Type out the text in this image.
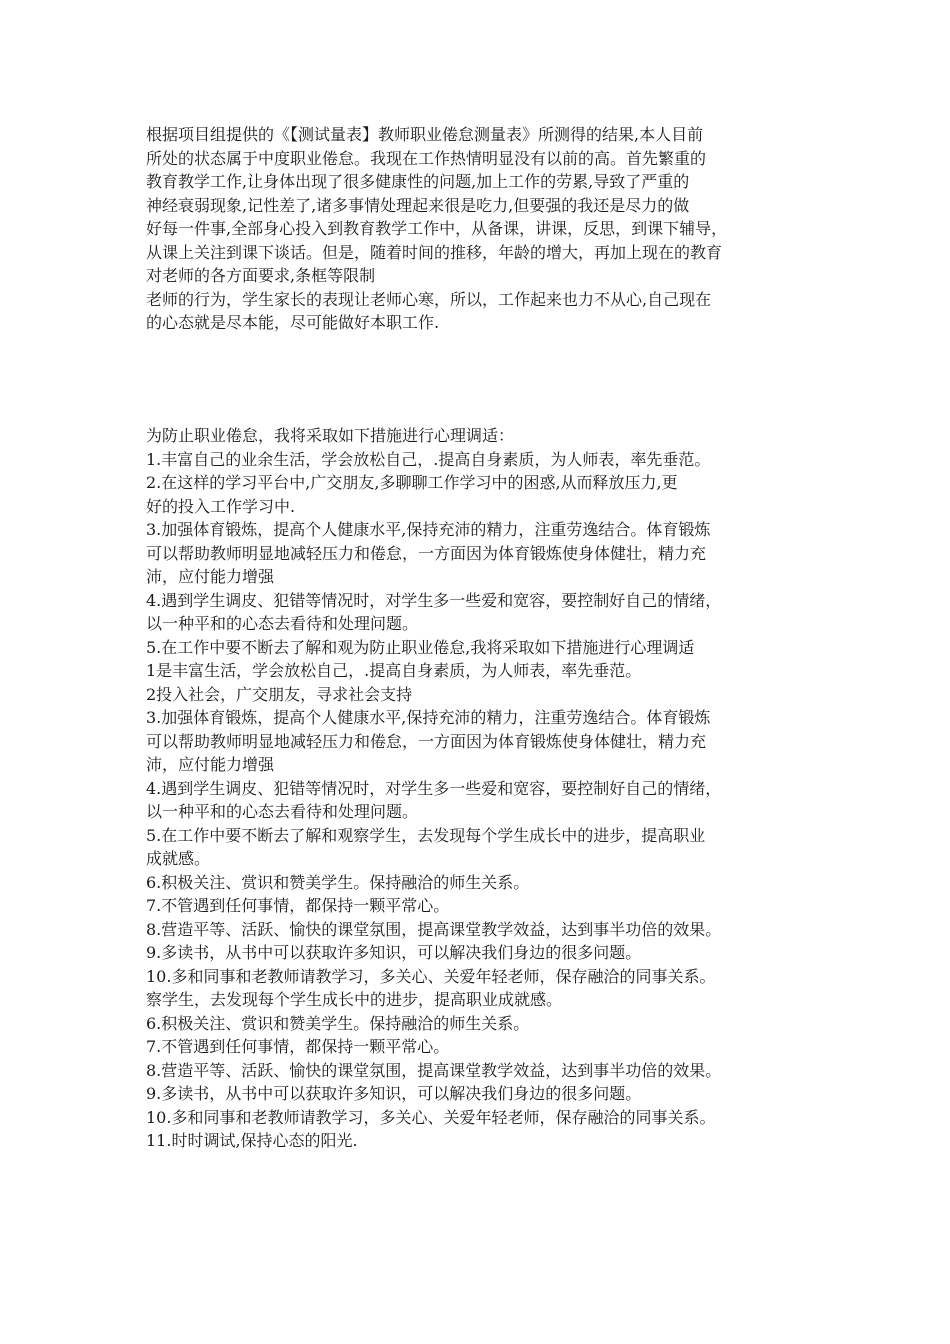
根据项目组提供的《【测试量表】教师职业倦怠测量表》所测得的结果,本人目前
所处的状态属于中度职业倦怠。我现在工作热情明显没有以前的高。首先繁重的
教育教学工作,让身体出现了很多健康性的问题,加上工作的劳累,导致了严重的
神经衰弱现象,记性差了,诸多事情处理起来很是吃力,但要强的我还是尽力的做
好每一件事,全部身心投入到教育教学工作中，从备课，讲课，反思，到课下辅导，
从课上关注到课下谈话。但是，随着时间的推移，年龄的增大，再加上现在的教育
对老师的各方面要求,条框等限制
老师的行为，学生家长的表现让老师心寒，所以，工作起来也力不从心,自己现在
的心态就是尽本能，尽可能做好本职工作.
为防止职业倦怠，我将采取如下措施进行心理调适：
1.丰富自己的业余生活，学会放松自己，.提高自身素质，为人师表，率先垂范。
2.在这样的学习平台中,广交朋友,多聊聊工作学习中的困惑,从而释放压力,更
好的投入工作学习中.
3.加强体育锻炼，提高个人健康水平,保持充沛的精力，注重劳逸结合。体育锻炼
可以帮助教师明显地减轻压力和倦怠，一方面因为体育锻炼使身体健壮，精力充
沛，应付能力增强
4.遇到学生调皮、犯错等情况时，对学生多一些爱和宽容，要控制好自己的情绪，
以一种平和的心态去看待和处理问题。
5.在工作中要不断去了解和观为防止职业倦怠,我将采取如下措施进行心理调适
1是丰富生活，学会放松自己，.提高自身素质，为人师表，率先垂范。
2投入社会，广交朋友，寻求社会支持
3.加强体育锻炼，提高个人健康水平,保持充沛的精力，注重劳逸结合。体育锻炼
可以帮助教师明显地减轻压力和倦怠，一方面因为体育锻炼使身体健壮，精力充
沛，应付能力增强
4.遇到学生调皮、犯错等情况时，对学生多一些爱和宽容，要控制好自己的情绪，
以一种平和的心态去看待和处理问题。
5.在工作中要不断去了解和观察学生，去发现每个学生成长中的进步，提高职业
成就感。
6.积极关注、赏识和赞美学生。保持融洽的师生关系。
7.不管遇到任何事情，都保持一颗平常心。
8.营造平等、活跃、愉快的课堂氛围，提高课堂教学效益，达到事半功倍的效果。
9.多读书，从书中可以获取许多知识，可以解决我们身边的很多问题。
10.多和同事和老教师请教学习，多关心、关爱年轻老师，保存融洽的同事关系。
察学生，去发现每个学生成长中的进步，提高职业成就感。
6.积极关注、赏识和赞美学生。保持融洽的师生关系。
7.不管遇到任何事情，都保持一颗平常心。
8.营造平等、活跃、愉快的课堂氛围，提高课堂教学效益，达到事半功倍的效果。
9.多读书，从书中可以获取许多知识，可以解决我们身边的很多问题。
10.多和同事和老教师请教学习，多关心、关爱年轻老师，保存融洽的同事关系。
11.时时调试,保持心态的阳光.
